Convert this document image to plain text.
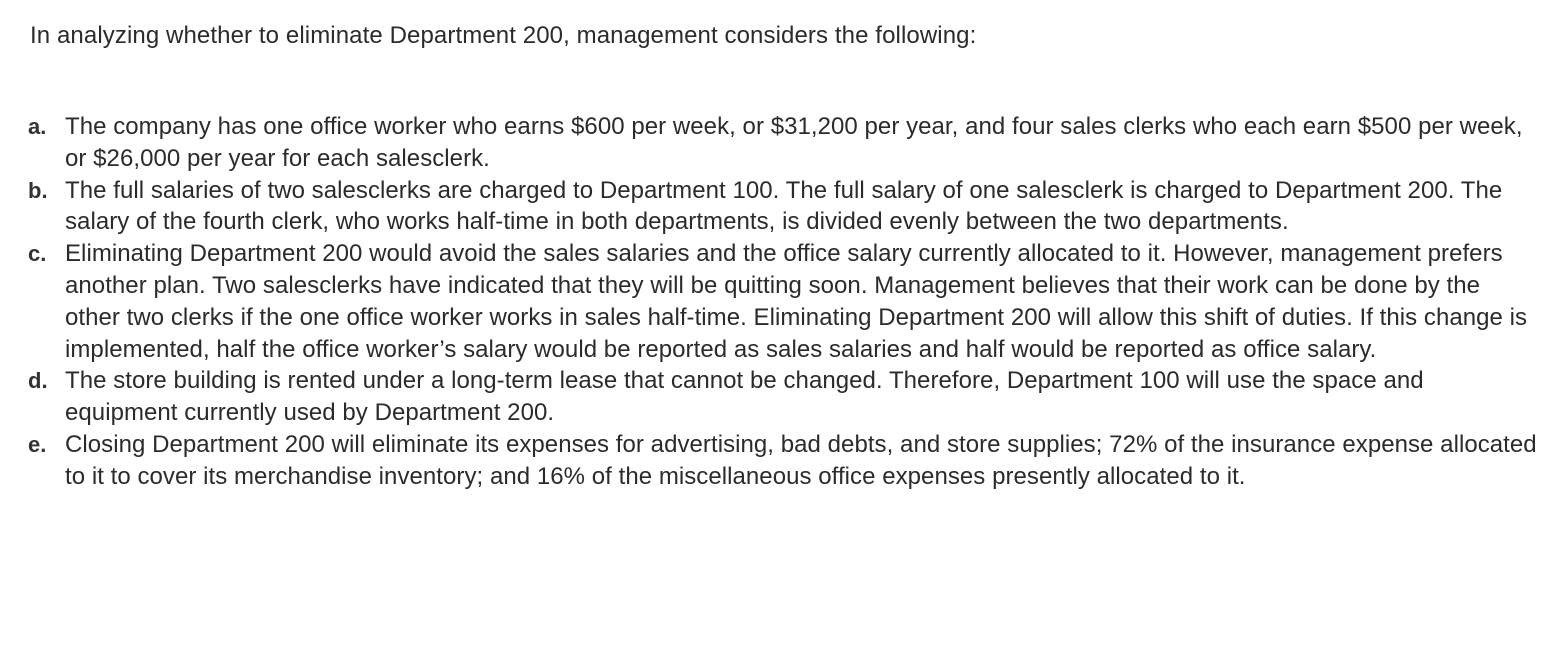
In analyzing whether to eliminate Department 200, management considers the following:
a. The company has one office worker who earns $600 per week, or $31,200 per year, and four sales clerks who each earn $500 per week, or $26,000 per year for each salesclerk.
b. The full salaries of two salesclerks are charged to Department 100. The full salary of one salesclerk is charged to Department 200. The salary of the fourth clerk, who works half-time in both departments, is divided evenly between the two departments.
c. Eliminating Department 200 would avoid the sales salaries and the office salary currently allocated to it. However, management prefers another plan. Two salesclerks have indicated that they will be quitting soon. Management believes that their work can be done by the other two clerks if the one office worker works in sales half-time. Eliminating Department 200 will allow this shift of duties. If this change is implemented, half the office worker’s salary would be reported as sales salaries and half would be reported as office salary.
d. The store building is rented under a long-term lease that cannot be changed. Therefore, Department 100 will use the space and equipment currently used by Department 200.
e. Closing Department 200 will eliminate its expenses for advertising, bad debts, and store supplies; 72% of the insurance expense allocated to it to cover its merchandise inventory; and 16% of the miscellaneous office expenses presently allocated to it.
